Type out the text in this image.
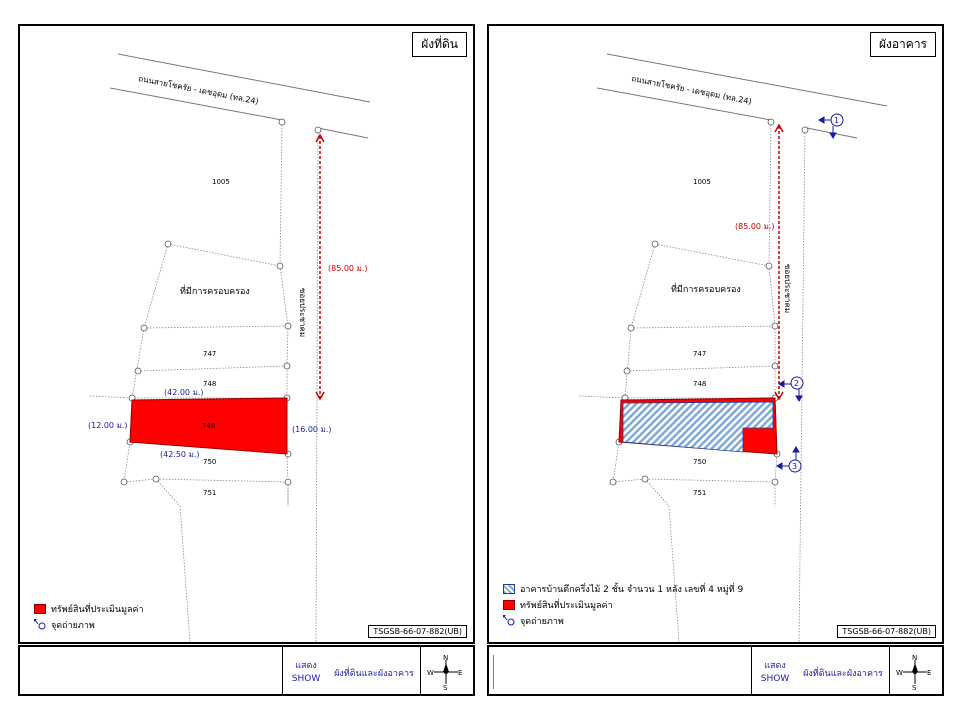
ผังที่ดิน
ถนนสายโชครัย - เดชอุดม (ทล.24)
1005
ที่มีการครอบครอง
747
748
749
750
751
(42.00 ม.)
(42.50 ม.)
(12.00 ม.)	(16.00 ม.)
ซอยประชาคม
(85.00 ม.)
ทรัพย์สินที่ประเมินมูลค่า
จุดถ่ายภาพ
TSGSB-66-07-882(UB)
แสดง
SHOW	ผังที่ดินและผังอาคาร
N
S
E
W
ผังอาคาร
ถนนสายโชครัย - เดชอุดม (ทล.24)
1005
ที่มีการครอบครอง
747
748
750
751
ซอยประชาคม
(85.00 ม.)
1
2
3
อาคารบ้านตึกครึ่งไม้ 2 ชั้น จำนวน 1 หลัง เลขที่ 4 หมู่ที่ 9
ทรัพย์สินที่ประเมินมูลค่า
จุดถ่ายภาพ
TSGSB-66-07-882(UB)
แสดง
SHOW	ผังที่ดินและผังอาคาร
N
S
E
W
